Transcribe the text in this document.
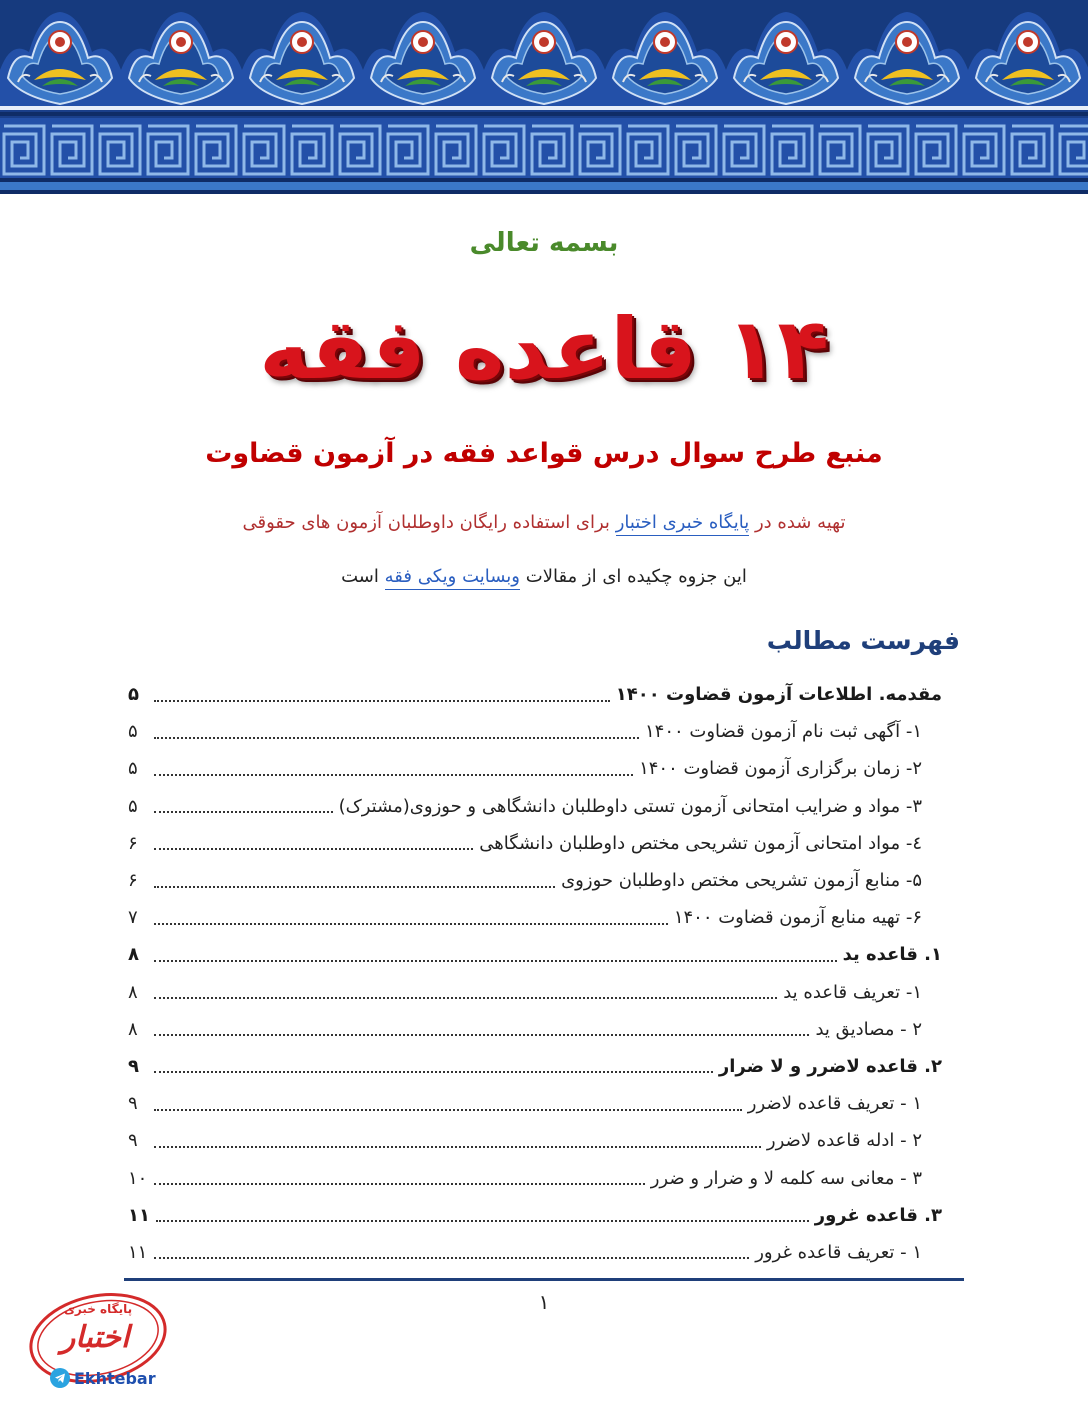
بسمه تعالی
۱۴ قاعده فقه
منبع طرح سوال درس قواعد فقه در آزمون قضاوت
تهیه شده در پایگاه خبری اختبار برای استفاده رایگان داوطلبان آزمون های حقوقی
این جزوه چکیده ای از مقالات وبسایت ویکی فقه است
فهرست مطالب
مقدمه. اطلاعات آزمون قضاوت ۱۴۰۰
۵
۱- آگهی ثبت نام آزمون قضاوت ۱۴۰۰
۵
۲- زمان برگزاری آزمون قضاوت ۱۴۰۰
۵
۳- مواد و ضرایب امتحانی آزمون تستی داوطلبان دانشگاهی و حوزوی(مشترک)
۵
٤- مواد امتحانی آزمون تشریحی مختص داوطلبان دانشگاهی
۶
۵- منابع آزمون تشریحی مختص داوطلبان حوزوی
۶
۶- تهیه منابع آزمون قضاوت ۱۴۰۰
۷
۱. قاعده ید
۸
۱- تعریف قاعده ید
۸
۲ - مصادیق ید
۸
۲. قاعده لاضرر و لا ضرار
۹
۱ - تعریف قاعده لاضرر
۹
۲ - ادله قاعده لاضرر
۹
۳ - معانی سه کلمه لا و ضرار و ضرر
۱۰
۳. قاعده غرور
۱۱
۱ - تعریف قاعده غرور
۱۱
۱
پایگاه خبری
اختبار
Ekhtebar
